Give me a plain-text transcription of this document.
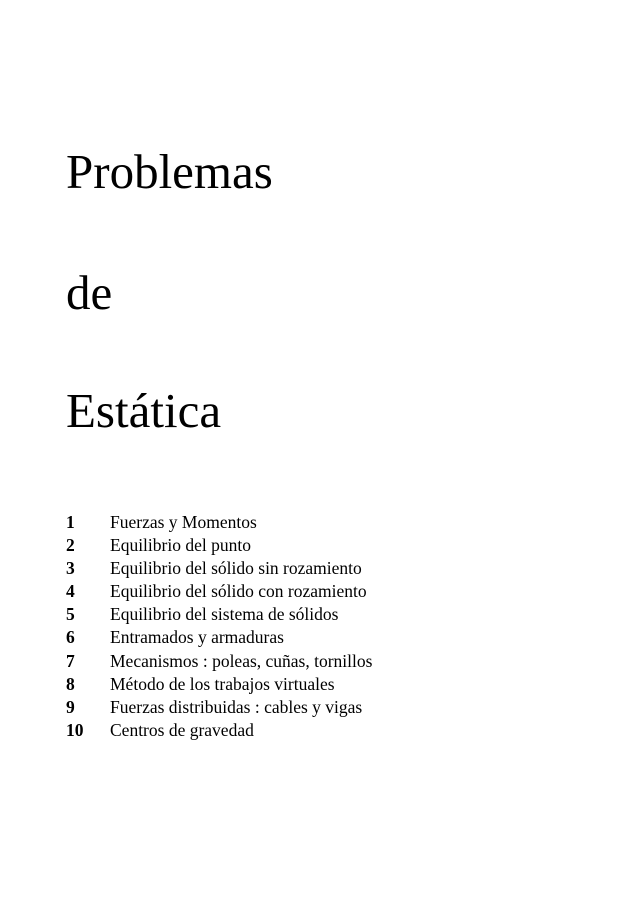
Problemas
de
Estática
1	Fuerzas y Momentos
2	Equilibrio del punto
3	Equilibrio del sólido sin rozamiento
4	Equilibrio del sólido con rozamiento
5	Equilibrio del sistema de sólidos
6	Entramados y armaduras
7	Mecanismos : poleas, cuñas, tornillos
8	Método de los trabajos virtuales
9	Fuerzas distribuidas : cables y vigas
10	Centros de gravedad
